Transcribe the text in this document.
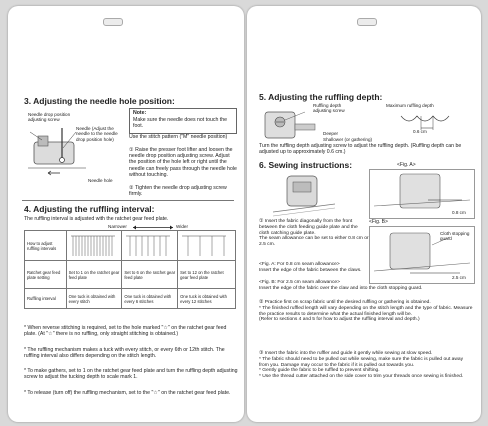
3. Adjusting the needle hole position:
Needle drop position adjusting screw
Needle (Adjust the needle to the needle drop position hole)
Needle hole
Note:
Make sure the needle does not touch the foot.
Use the stitch pattern ("M" needle position)
① Raise the presser foot lifter and loosen the needle drop position adjusting screw. Adjust the position of the hole left or right until the needle can freely pass through the needle hole without touching.
② Tighten the needle drop adjusting screw firmly.
4. Adjusting the ruffling interval:
The ruffling interval is adjusted with the ratchet gear feed plate.
Narrower	Wider
How to adjust ruffling intervals			
Ratchet gear feed plate setting	Set to 1 on the ratchet gear feed plate	Set to 6 on the ratchet gear feed plate	Set to 12 on the ratchet gear feed plate
Ruffling interval	One tuck is obtained with every stitch	One tuck is obtained with every 6 stitches	One tuck is obtained with every 12 stitches
* When reverse stitching is required, set to the hole marked "☆" on the ratchet gear feed plate. (At "☆" there is no ruffling, only straight stitching is obtained.)
* The ruffling mechanism makes a tuck with every stitch, or every 6th or 12th stitch. The ruffling interval also differs depending on the stitch length.
* To make gathers, set to 1 on the ratchet gear feed plate and turn the ruffling depth adjusting screw to adjust the tucking depth to scale mark 1.
* To release (turn off) the ruffling mechanism, set to the "☆" on the ratchet gear feed plate.
5. Adjusting the ruffling depth:
Ruffling depth adjusting screw
Deeper
Shallower (or gathering)
Maximum ruffling depth
0.6 cm
Turn the ruffling depth adjusting screw to adjust the ruffling depth. (Ruffling depth can be adjusted up to approximately 0.6 cm.)
6. Sewing instructions:	<Fig. A>
0.8 cm
<Fig. B>
Cloth stopping guard
2.5 cm
① Insert the fabric diagonally from the front between the cloth feeding guide plate and the cloth catching guide plate.
The seam allowance can be set to either 0.8 cm or 2.5 cm.
<Fig. A: For 0.8 cm seam allowance>
Insert the edge of the fabric between the claws.
<Fig. B: For 2.5 cm seam allowance>
Insert the edge of the fabric over the claw and into the cloth stopping guard.
② Practice first on scrap fabric until the desired ruffling or gathering is obtained.
* The finished ruffled length will vary depending on the stitch length and the type of fabric. Measure the practice results to determine what the actual finished length will be.
(Refer to sections 4 and 5 for how to adjust the ruffling interval and depth.)
③ Insert the fabric into the ruffler and guide it gently while sewing at slow speed.
* The fabric should need to be pulled out while sewing, make sure the fabric is pulled out away from you. Damage may occur to the fabric if it is pulled out towards you.
* Gently guide the fabric to be ruffled to prevent shifting.
* Use the thread cutter attached on the side cover to trim your threads once sewing is finished.
